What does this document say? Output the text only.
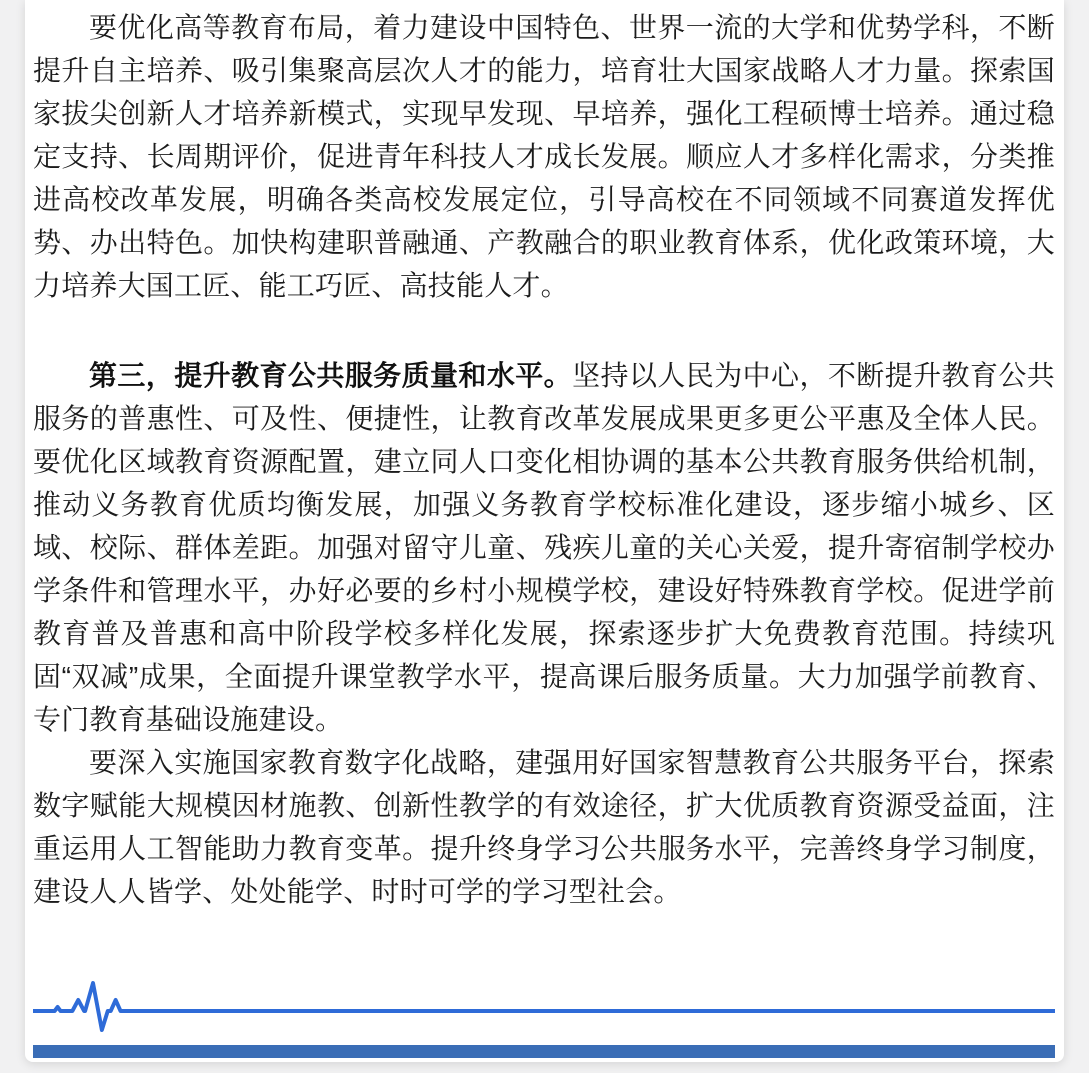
要优化高等教育布局，着力建设中国特色、世界一流的大学和优势学科，不断提升自主培养、吸引集聚高层次人才的能力，培育壮大国家战略人才力量。探索国家拔尖创新人才培养新模式，实现早发现、早培养，强化工程硕博士培养。通过稳定支持、长周期评价，促进青年科技人才成长发展。顺应人才多样化需求，分类推进高校改革发展，明确各类高校发展定位，引导高校在不同领域不同赛道发挥优势、办出特色。加快构建职普融通、产教融合的职业教育体系，优化政策环境，大力培养大国工匠、能工巧匠、高技能人才。

第三，提升教育公共服务质量和水平。坚持以人民为中心，不断提升教育公共服务的普惠性、可及性、便捷性，让教育改革发展成果更多更公平惠及全体人民。要优化区域教育资源配置，建立同人口变化相协调的基本公共教育服务供给机制，推动义务教育优质均衡发展，加强义务教育学校标准化建设，逐步缩小城乡、区域、校际、群体差距。加强对留守儿童、残疾儿童的关心关爱，提升寄宿制学校办学条件和管理水平，办好必要的乡村小规模学校，建设好特殊教育学校。促进学前教育普及普惠和高中阶段学校多样化发展，探索逐步扩大免费教育范围。持续巩固“双减”成果，全面提升课堂教学水平，提高课后服务质量。大力加强学前教育、专门教育基础设施建设。

要深入实施国家教育数字化战略，建强用好国家智慧教育公共服务平台，探索数字赋能大规模因材施教、创新性教学的有效途径，扩大优质教育资源受益面，注重运用人工智能助力教育变革。提升终身学习公共服务水平，完善终身学习制度，建设人人皆学、处处能学、时时可学的学习型社会。
